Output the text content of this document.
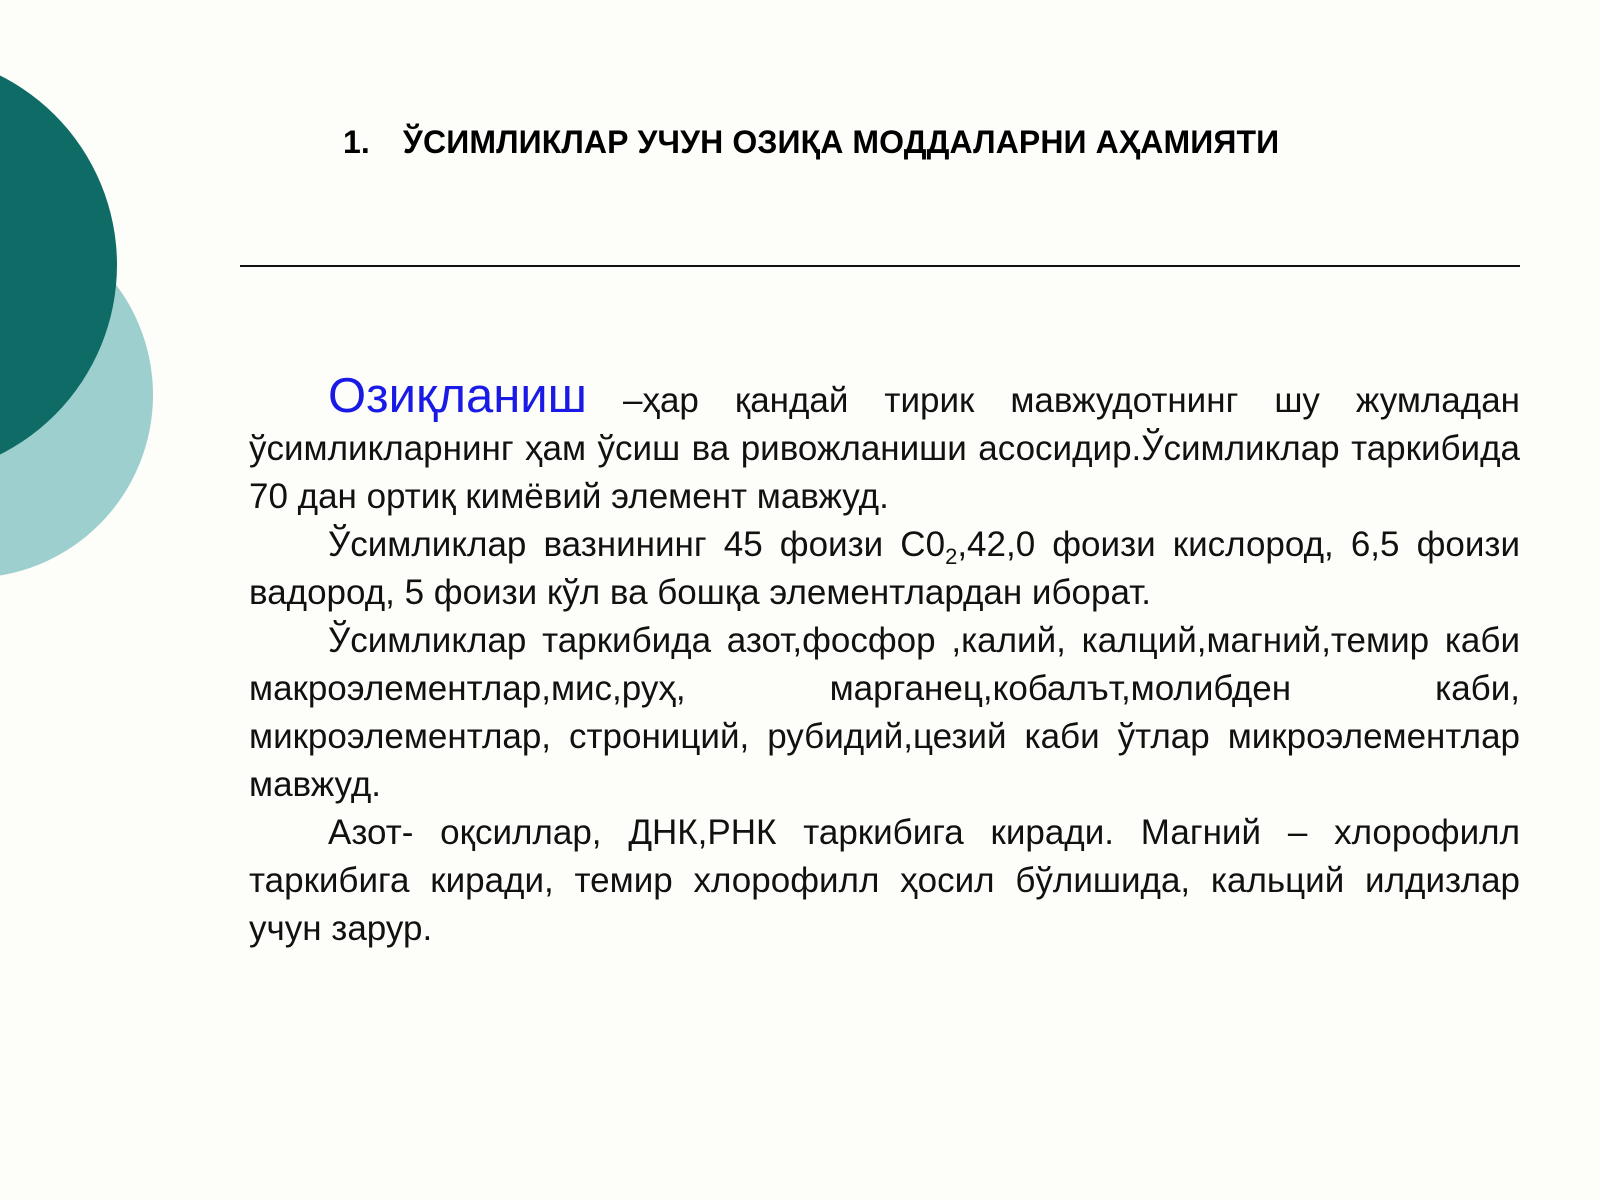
1. ЎСИМЛИКЛАР УЧУН ОЗИҚА МОДДАЛАРНИ АҲАМИЯТИ

Озиқланиш –ҳар қандай тирик мавжудотнинг шу жумладан ўсимликларнинг ҳам ўсиш ва ривожланиши асосидир.Ўсимликлар таркибида 70 дан ортиқ кимёвий элемент мавжуд.

Ўсимликлар вазнининг 45 фоизи $С0_2,42,0$ фоизи кислород, 6,5 фоизи вадород, 5 фоизи кўл ва бошқа элементлардан иборат.

Ўсимликлар таркибида азот,фосфор ,калий, калций,магний,темир каби макроэлементлар,мис,руҳ, марганец,кобалът,молибден каби, микроэлементлар, строниций, рубидий,цезий каби ўтлар микроэлементлар мавжуд.

Азот- оқсиллар, ДНК,РНК таркибига киради. Магний – хлорофилл таркибига киради, темир хлорофилл ҳосил бўлишида, кальций илдизлар учун зарур.
